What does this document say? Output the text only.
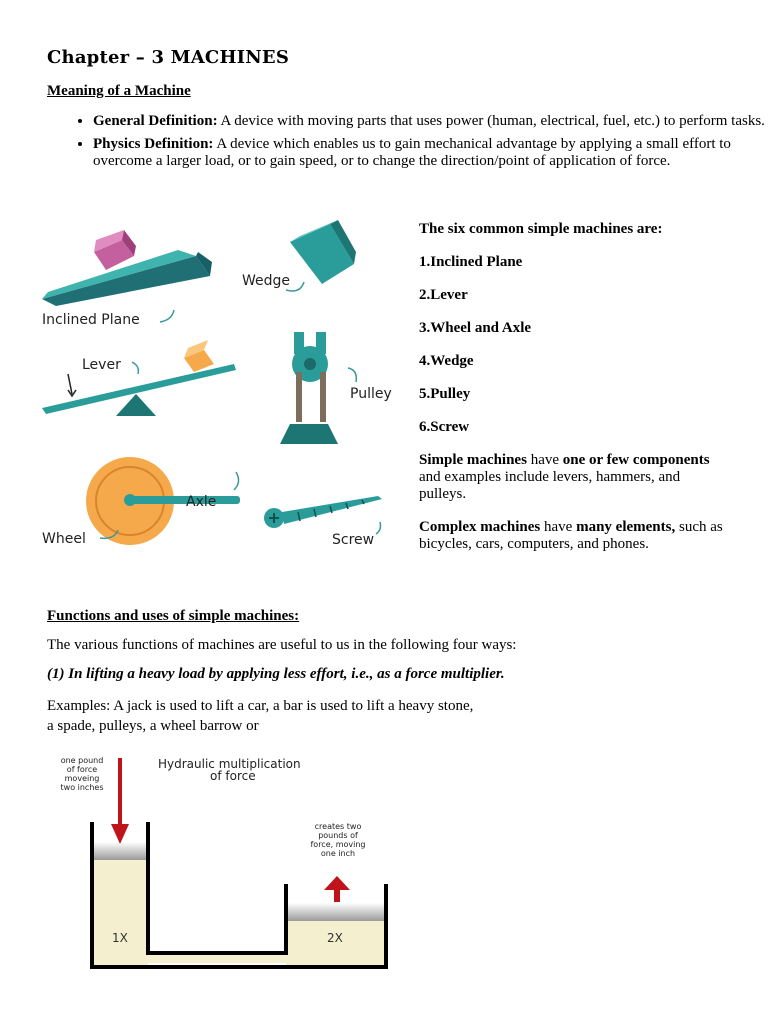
Chapter – 3 MACHINES
Meaning of a Machine
• General Definition: A device with moving parts that uses power (human, electrical, fuel, etc.) to perform tasks.
• Physics Definition: A device which enables us to gain mechanical advantage by applying a small effort to overcome a larger load, or to gain speed, or to change the direction/point of application of force.
Inclined Plane
Wedge
Lever
Pulley
Axle
Wheel	Screw

The six common simple machines are:

1.Inclined Plane

2.Lever

3.Wheel and Axle

4.Wedge

5.Pulley

6.Screw

Simple machines have one or few components and examples include levers, hammers, and pulleys.

Complex machines have many elements, such as bicycles, cars, computers, and phones.

Functions and uses of simple machines:
The various functions of machines are useful to us in the following four ways:
(1) In lifting a heavy load by applying less effort, i.e., as a force multiplier.
Examples: A jack is used to lift a car, a bar is used to lift a heavy stone, a spade, pulleys, a wheel barrow or
Hydraulic multiplication
of force
one pound
of force
moveing
two inches
creates two
pounds of
force, moving
one inch
1X	2X
